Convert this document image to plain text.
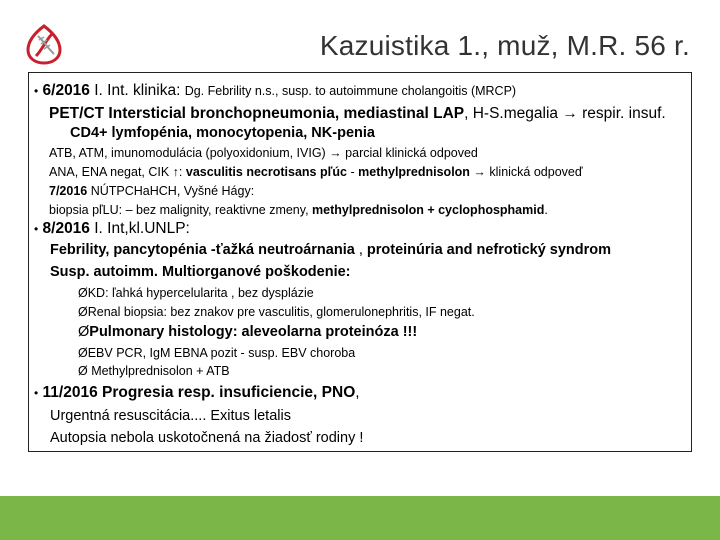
Kazuistika 1., muž, M.R. 56 r.
• 6/2016 I. Int. klinika: Dg. Febrility n.s., susp. to autoimmune cholangoitis (MRCP)
PET/CT Intersticial bronchopneumonia, mediastinal LAP, H-S.megalia → respir. insuf.
CD4+ lymfopénia, monocytopenia, NK-penia
ATB, ATM, imunomodulácia (polyoxidonium, IVIG) → parcial klinická odpoved
ANA, ENA negat, CIK ↑: vasculitis necrotisans pľúc - methylprednisolon → klinická odpoveď
7/2016 NÚTPCHaHCH, Vyšné Hágy:
biopsia pľLU: – bez malignity, reaktivne zmeny, methylprednisolon + cyclophosphamid.
• 8/2016 I. Int,kl.UNLP:
Febrility, pancytopénia -ťažká neutroárnania , proteinúria and nefrotický syndrom
Susp. autoimm. Multiorganové poškodenie:
ØKD: ľahká hypercelularita , bez dysplázie
ØRenal biopsia: bez znakov pre vasculitis, glomerulonephritis, IF negat.
ØPulmonary histology: aleveolarna proteinóza !!!
ØEBV PCR, IgM EBNA pozit - susp. EBV choroba
Ø Methylprednisolon + ATB
• 11/2016 Progresia resp. insuficiencie, PNO,
Urgentná resuscitácia.... Exitus letalis
Autopsia nebola uskotočnená na žiadosť rodiny !
